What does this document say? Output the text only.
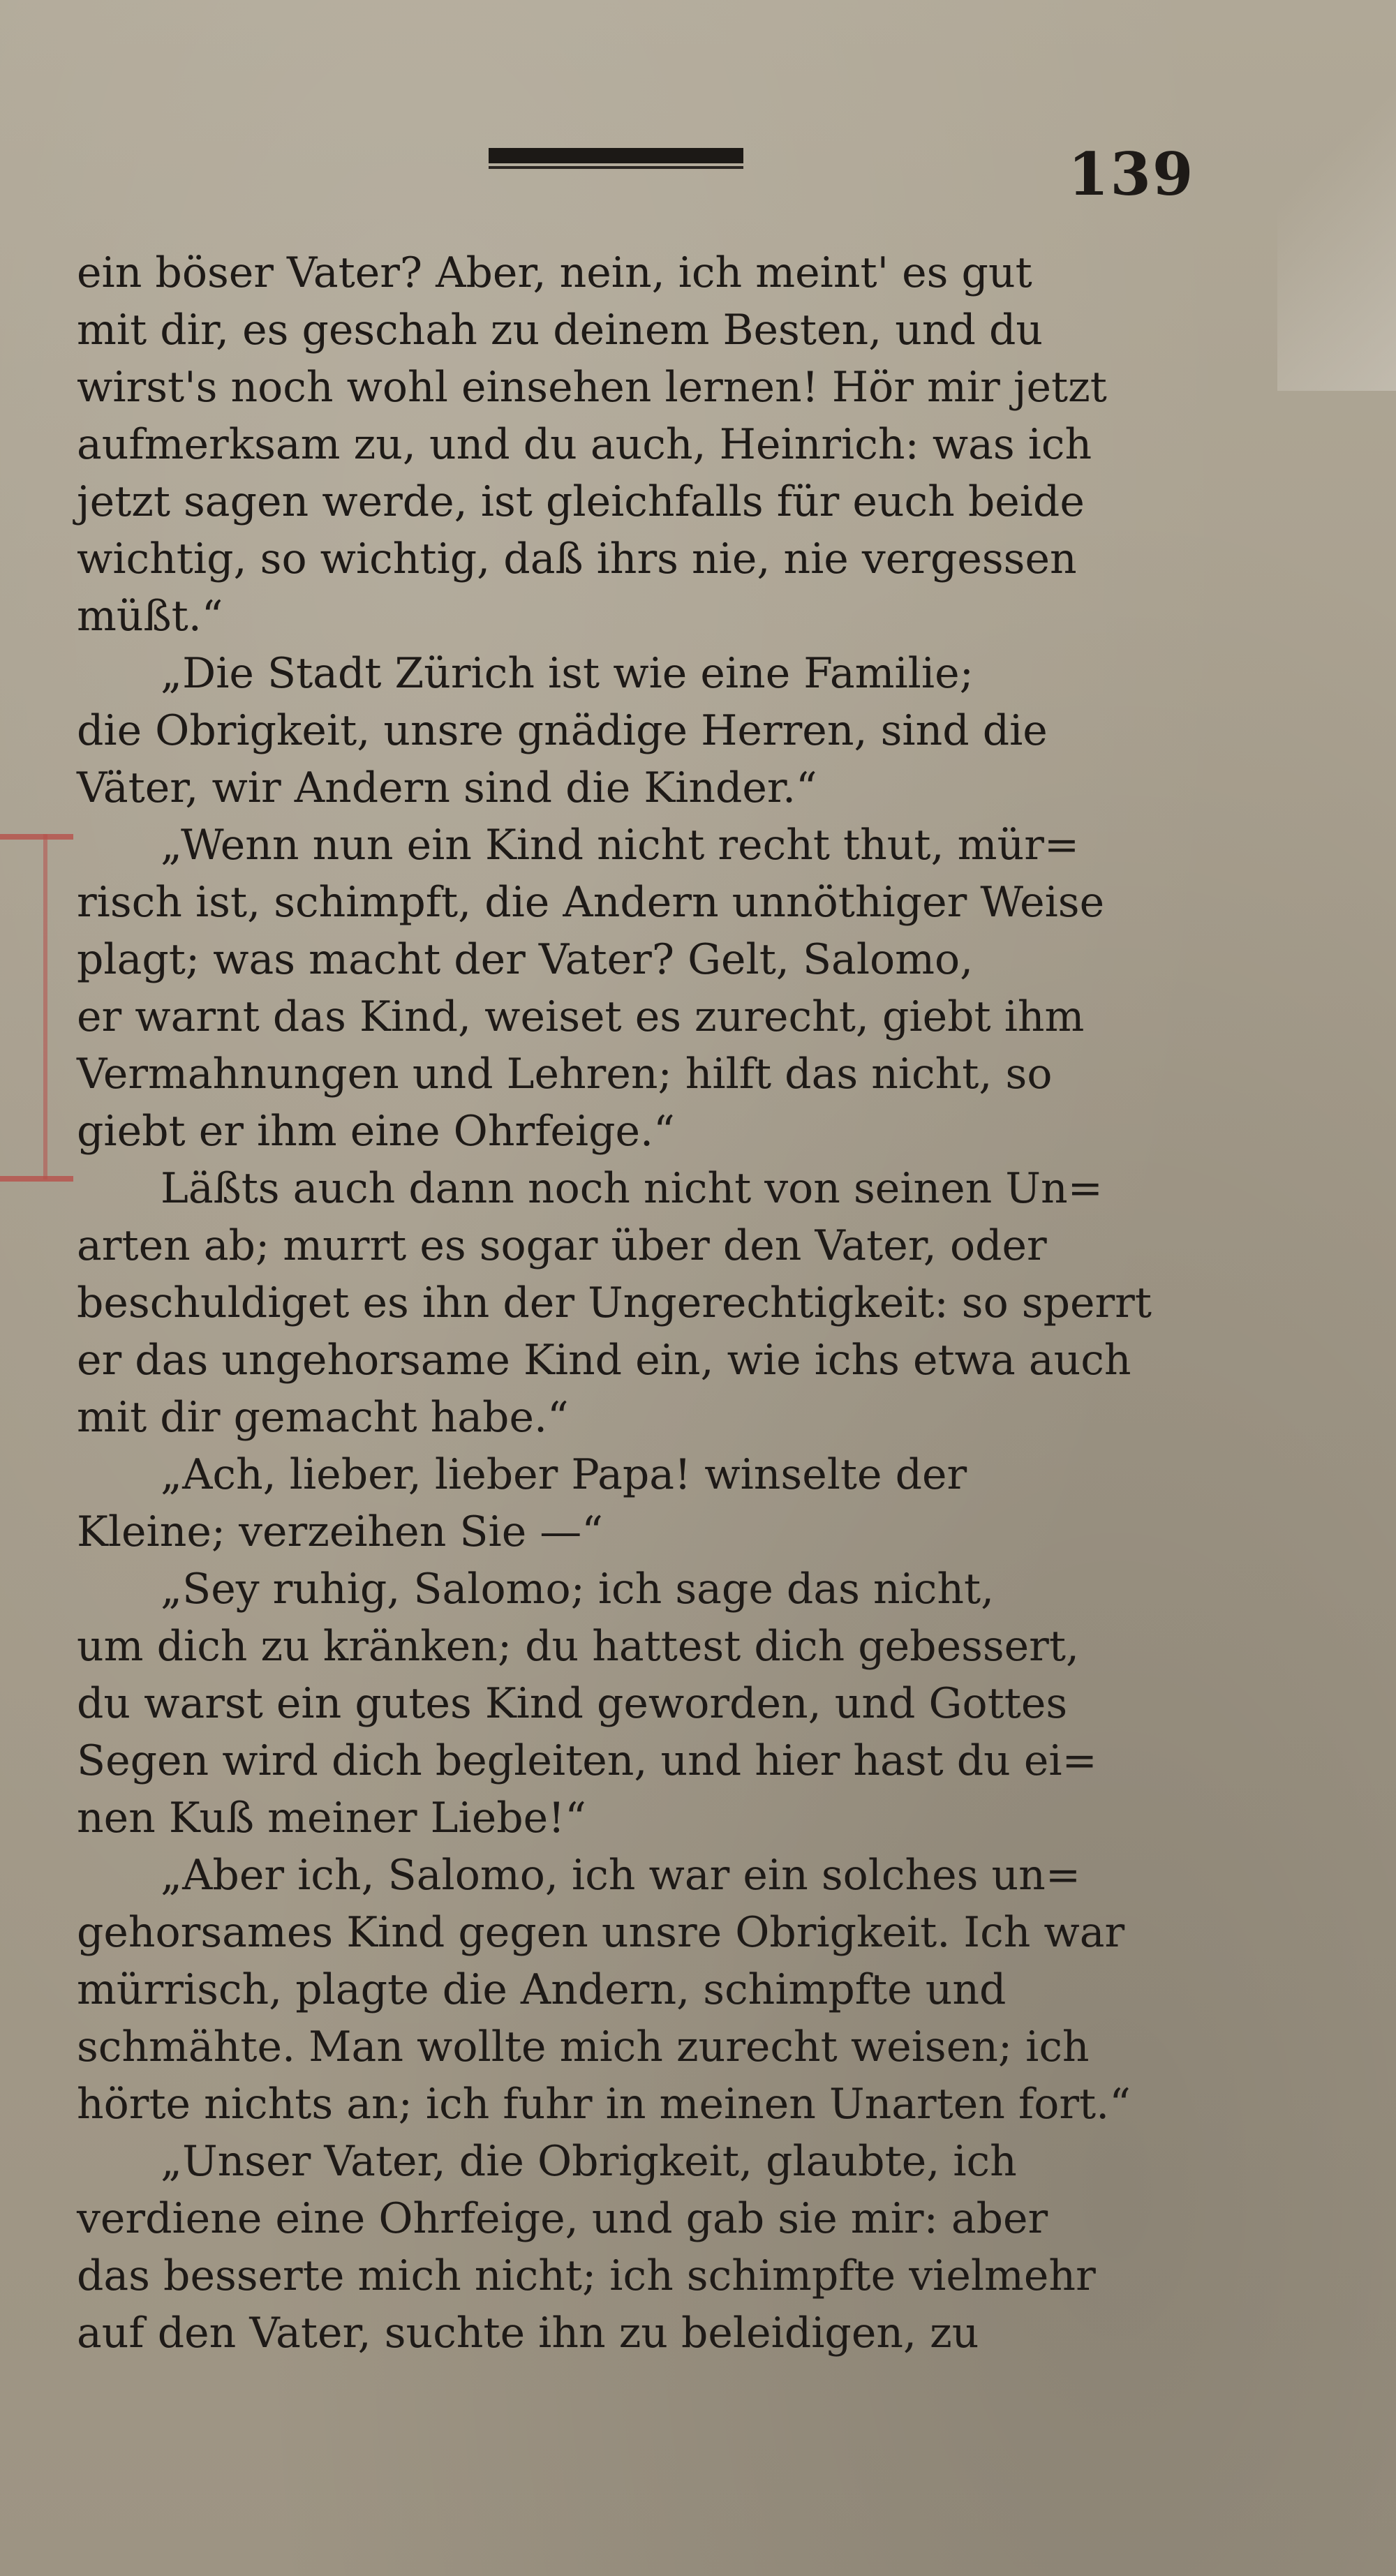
139
ein böser Vater? Aber, nein, ich meint' es gut
mit dir, es geschah zu deinem Besten, und du
wirst's noch wohl einsehen lernen! Hör mir jetzt
aufmerksam zu, und du auch, Heinrich: was ich
jetzt sagen werde, ist gleichfalls für euch beide
wichtig, so wichtig, daß ihrs nie, nie vergessen
müßt.“
„Die Stadt Zürich ist wie eine Familie;
die Obrigkeit, unsre gnädige Herren, sind die
Väter, wir Andern sind die Kinder.“
„Wenn nun ein Kind nicht recht thut, mür=
risch ist, schimpft, die Andern unnöthiger Weise
plagt; was macht der Vater? Gelt, Salomo,
er warnt das Kind, weiset es zurecht, giebt ihm
Vermahnungen und Lehren; hilft das nicht, so
giebt er ihm eine Ohrfeige.“
Läßts auch dann noch nicht von seinen Un=
arten ab; murrt es sogar über den Vater, oder
beschuldiget es ihn der Ungerechtigkeit: so sperrt
er das ungehorsame Kind ein, wie ichs etwa auch
mit dir gemacht habe.“
„Ach, lieber, lieber Papa! winselte der
Kleine; verzeihen Sie —“
„Sey ruhig, Salomo; ich sage das nicht,
um dich zu kränken; du hattest dich gebessert,
du warst ein gutes Kind geworden, und Gottes
Segen wird dich begleiten, und hier hast du ei=
nen Kuß meiner Liebe!“
„Aber ich, Salomo, ich war ein solches un=
gehorsames Kind gegen unsre Obrigkeit. Ich war
mürrisch, plagte die Andern, schimpfte und
schmähte. Man wollte mich zurecht weisen; ich
hörte nichts an; ich fuhr in meinen Unarten fort.“
„Unser Vater, die Obrigkeit, glaubte, ich
verdiene eine Ohrfeige, und gab sie mir: aber
das besserte mich nicht; ich schimpfte vielmehr
auf den Vater, suchte ihn zu beleidigen, zu
